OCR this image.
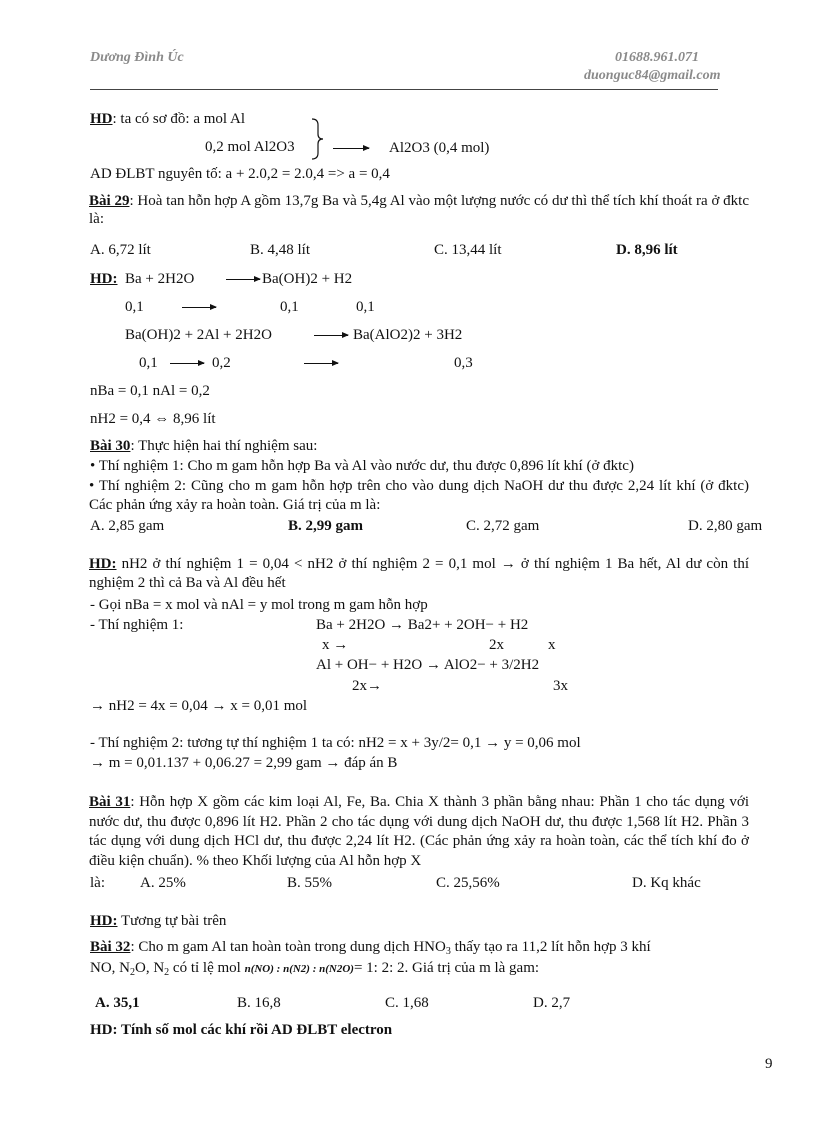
Dương Đình Úc	01688.961.071
duonguc84@gmail.com
HD: ta có sơ đồ: a mol Al
0,2 mol Al2O3	Al2O3 (0,4 mol)
AD ĐLBT nguyên tố: a + 2.0,2 = 2.0,4 => a = 0,4
Bài 29: Hoà tan hỗn hợp A gồm 13,7g Ba và 5,4g Al vào một lượng nước có dư thì thể tích khí thoát ra ở đktc là:
A. 6,72 lít	B. 4,48 lít	C. 13,44 lít	D. 8,96 lít
HD: Ba + 2H2O	Ba(OH)2 + H2
0,1	0,1	0,1
Ba(OH)2 + 2Al + 2H2O	Ba(AlO2)2 + 3H2
0,1	0,2	0,3
nBa = 0,1 nAl = 0,2
nH2 = 0,4 ⇔ 8,96 lít
Bài 30: Thực hiện hai thí nghiệm sau:
• Thí nghiệm 1: Cho m gam hỗn hợp Ba và Al vào nước dư, thu được 0,896 lít khí (ở đktc)
• Thí nghiệm 2: Cũng cho m gam hỗn hợp trên cho vào dung dịch NaOH dư thu được 2,24 lít khí (ở đktc) Các phản ứng xảy ra hoàn toàn. Giá trị của m là:
A. 2,85 gam	B. 2,99 gam	C. 2,72 gam	D. 2,80 gam
HD: nH2 ở thí nghiệm 1 = 0,04 < nH2 ở thí nghiệm 2 = 0,1 mol → ở thí nghiệm 1 Ba hết, Al dư còn thí nghiệm 2 thì cả Ba và Al đều hết
- Gọi nBa = x mol và nAl = y mol trong m gam hỗn hợp
- Thí nghiệm 1:	Ba + 2H2O → Ba2+ + 2OH− + H2
x →	2x	x
Al + OH− + H2O → AlO2− + 3/2H2
2x→	3x
→ nH2 = 4x = 0,04 → x = 0,01 mol
- Thí nghiệm 2: tương tự thí nghiệm 1 ta có: nH2 = x + 3y/2= 0,1 → y = 0,06 mol
→ m = 0,01.137 + 0,06.27 = 2,99 gam → đáp án B
Bài 31: Hỗn hợp X gồm các kim loại Al, Fe, Ba. Chia X thành 3 phần bằng nhau: Phần 1 cho tác dụng với nước dư, thu được 0,896 lít H2. Phần 2 cho tác dụng với dung dịch NaOH dư, thu được 1,568 lít H2. Phần 3 tác dụng với dung dịch HCl dư, thu được 2,24 lít H2. (Các phản ứng xảy ra hoàn toàn, các thể tích khí đo ở điều kiện chuẩn). % theo Khối lượng của Al hỗn hợp X
là: A. 25%	B. 55%	C. 25,56%	D. Kq khác
HD: Tương tự bài trên
Bài 32: Cho m gam Al tan hoàn toàn trong dung dịch $HNO_3$ thấy tạo ra 11,2 lít hỗn hợp 3 khí
NO, $N_2O$, $N_2$ có tỉ lệ mol n(NO) : n(N2) : n(N2O)= 1: 2: 2. Giá trị của m là gam:
A. 35,1	B. 16,8	C. 1,68	D. 2,7
HD: Tính số mol các khí rồi AD ĐLBT electron
9
